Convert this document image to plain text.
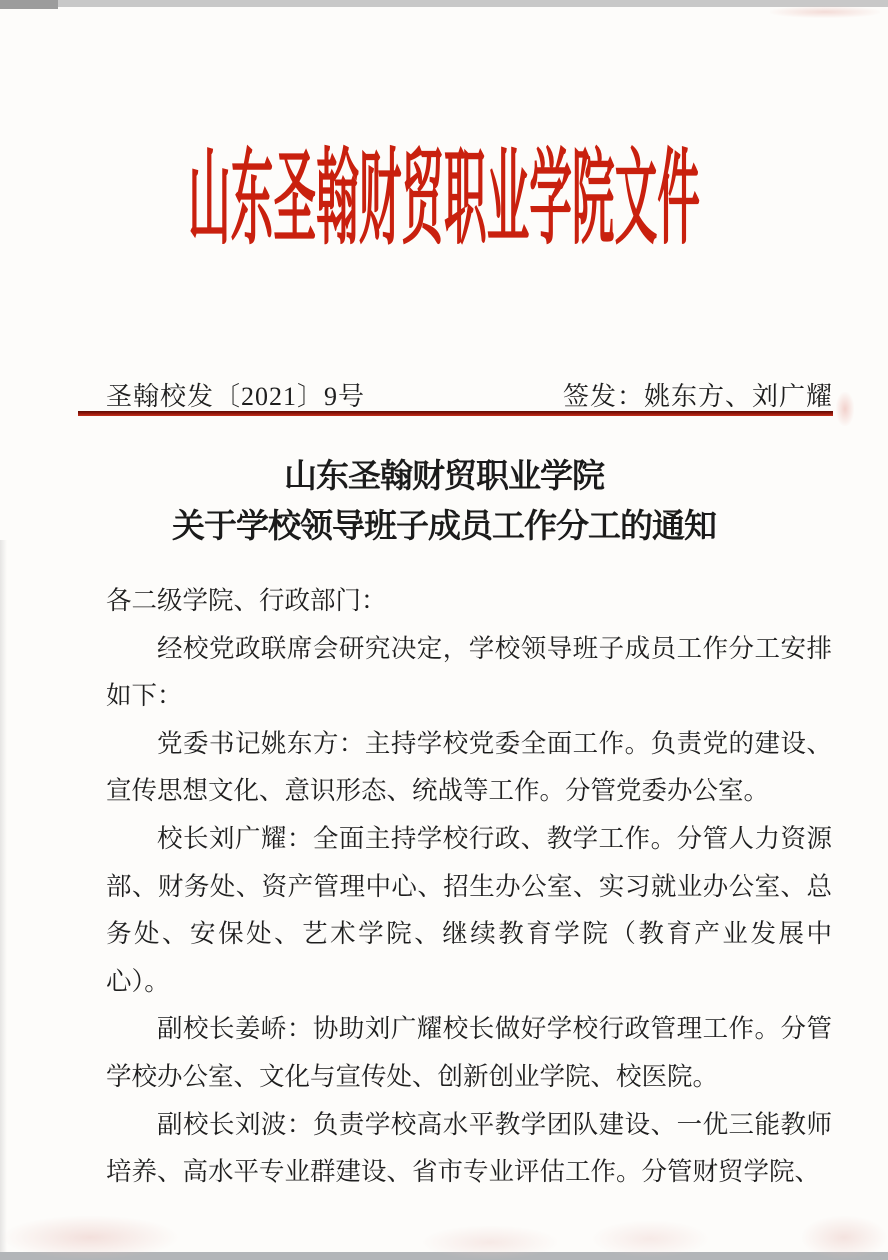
山东圣翰财贸职业学院文件
圣翰校发〔2021〕9号	签发：姚东方、刘广耀
山东圣翰财贸职业学院
关于学校领导班子成员工作分工的通知

各二级学院、行政部门：

经校党政联席会研究决定，学校领导班子成员工作分工安排如下：

党委书记姚东方：主持学校党委全面工作。负责党的建设、宣传思想文化、意识形态、统战等工作。分管党委办公室。

校长刘广耀：全面主持学校行政、教学工作。分管人力资源部、财务处、资产管理中心、招生办公室、实习就业办公室、总务处、安保处、艺术学院、继续教育学院（教育产业发展中心）。

副校长姜峤：协助刘广耀校长做好学校行政管理工作。分管学校办公室、文化与宣传处、创新创业学院、校医院。

副校长刘波：负责学校高水平教学团队建设、一优三能教师培养、高水平专业群建设、省市专业评估工作。分管财贸学院、
